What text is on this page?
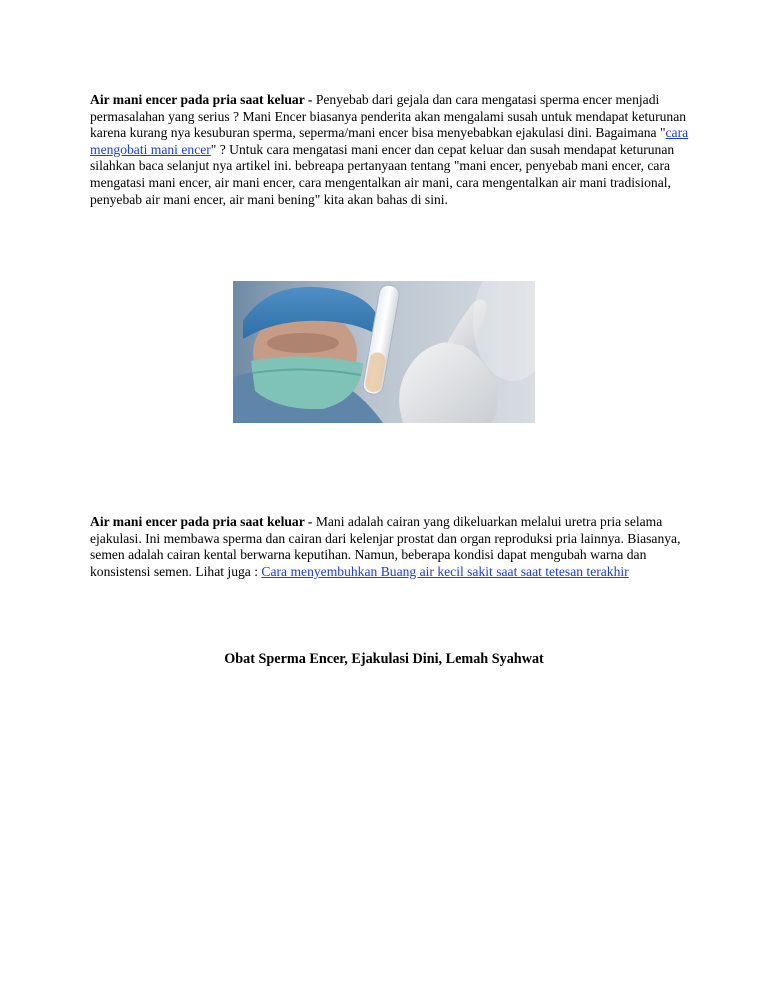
Air mani encer pada pria saat keluar - Penyebab dari gejala dan cara mengatasi sperma encer menjadi permasalahan yang serius ? Mani Encer biasanya penderita akan mengalami susah untuk mendapat keturunan karena kurang nya kesuburan sperma, seperma/mani encer bisa menyebabkan ejakulasi dini. Bagaimana "cara mengobati mani encer" ? Untuk cara mengatasi mani encer dan cepat keluar dan susah mendapat keturunan silahkan baca selanjut nya artikel ini. bebreapa pertanyaan tentang "mani encer, penyebab mani encer, cara mengatasi mani encer, air mani encer, cara mengentalkan air mani, cara mengentalkan air mani tradisional, penyebab air mani encer, air mani bening" kita akan bahas di sini.

Air mani encer pada pria saat keluar - Mani adalah cairan yang dikeluarkan melalui uretra pria selama ejakulasi. Ini membawa sperma dan cairan dari kelenjar prostat dan organ reproduksi pria lainnya. Biasanya, semen adalah cairan kental berwarna keputihan. Namun, beberapa kondisi dapat mengubah warna dan konsistensi semen. Lihat juga : Cara menyembuhkan Buang air kecil sakit saat saat tetesan terakhir

Obat Sperma Encer, Ejakulasi Dini, Lemah Syahwat
